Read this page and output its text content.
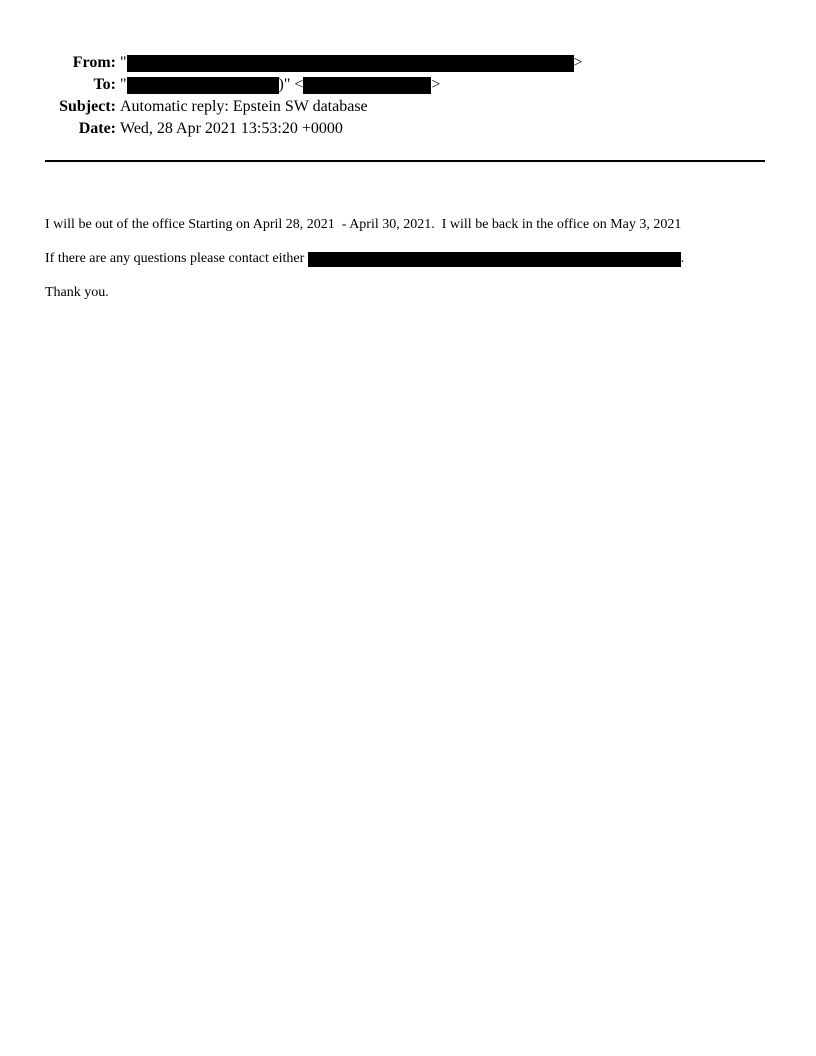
From: "	>
To: "	)" <	>
Subject: Automatic reply: Epstein SW database
Date: Wed, 28 Apr 2021 13:53:20 +0000

I will be out of the office Starting on April 28, 2021  - April 30, 2021.  I will be back in the office on May 3, 2021

If there are any questions please contact either	.

Thank you.
